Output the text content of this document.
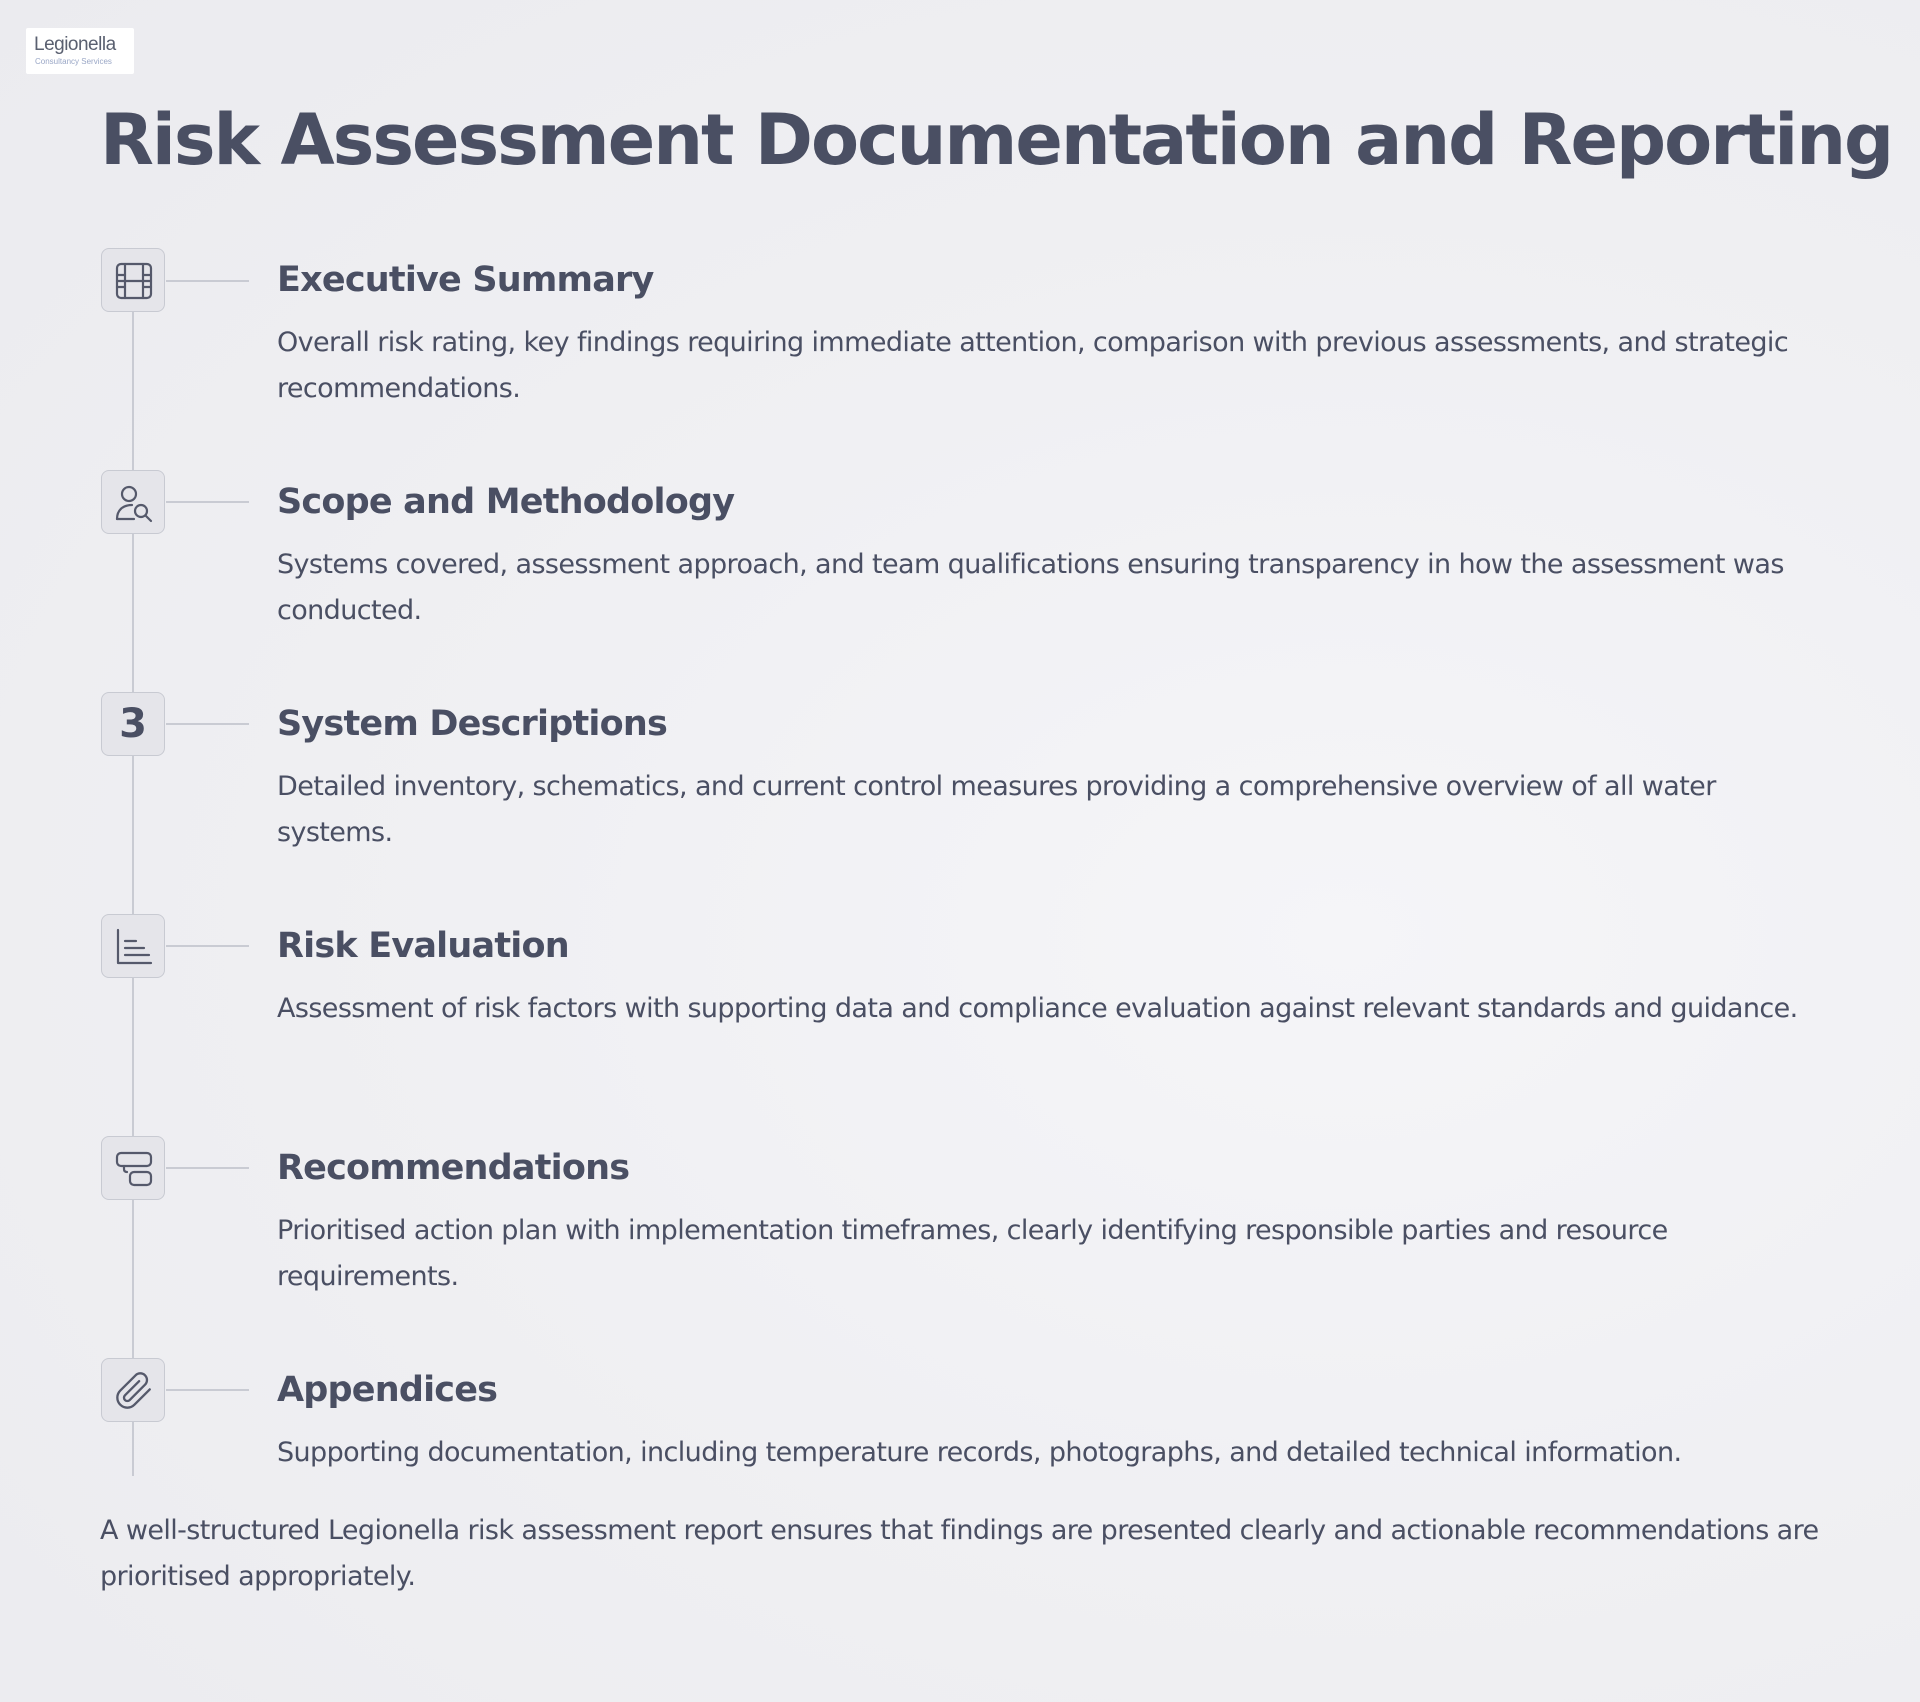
Legionella
Consultancy Services
Risk Assessment Documentation and Reporting
Executive Summary

Overall risk rating, key findings requiring immediate attention, comparison with previous assessments, and strategic recommendations.

Scope and Methodology

Systems covered, assessment approach, and team qualifications ensuring transparency in how the assessment was conducted.

3	System Descriptions

Detailed inventory, schematics, and current control measures providing a comprehensive overview of all water systems.

Risk Evaluation

Assessment of risk factors with supporting data and compliance evaluation against relevant standards and guidance.

Recommendations

Prioritised action plan with implementation timeframes, clearly identifying responsible parties and resource requirements.

Appendices

Supporting documentation, including temperature records, photographs, and detailed technical information.

A well-structured Legionella risk assessment report ensures that findings are presented clearly and actionable recommendations are prioritised appropriately.
